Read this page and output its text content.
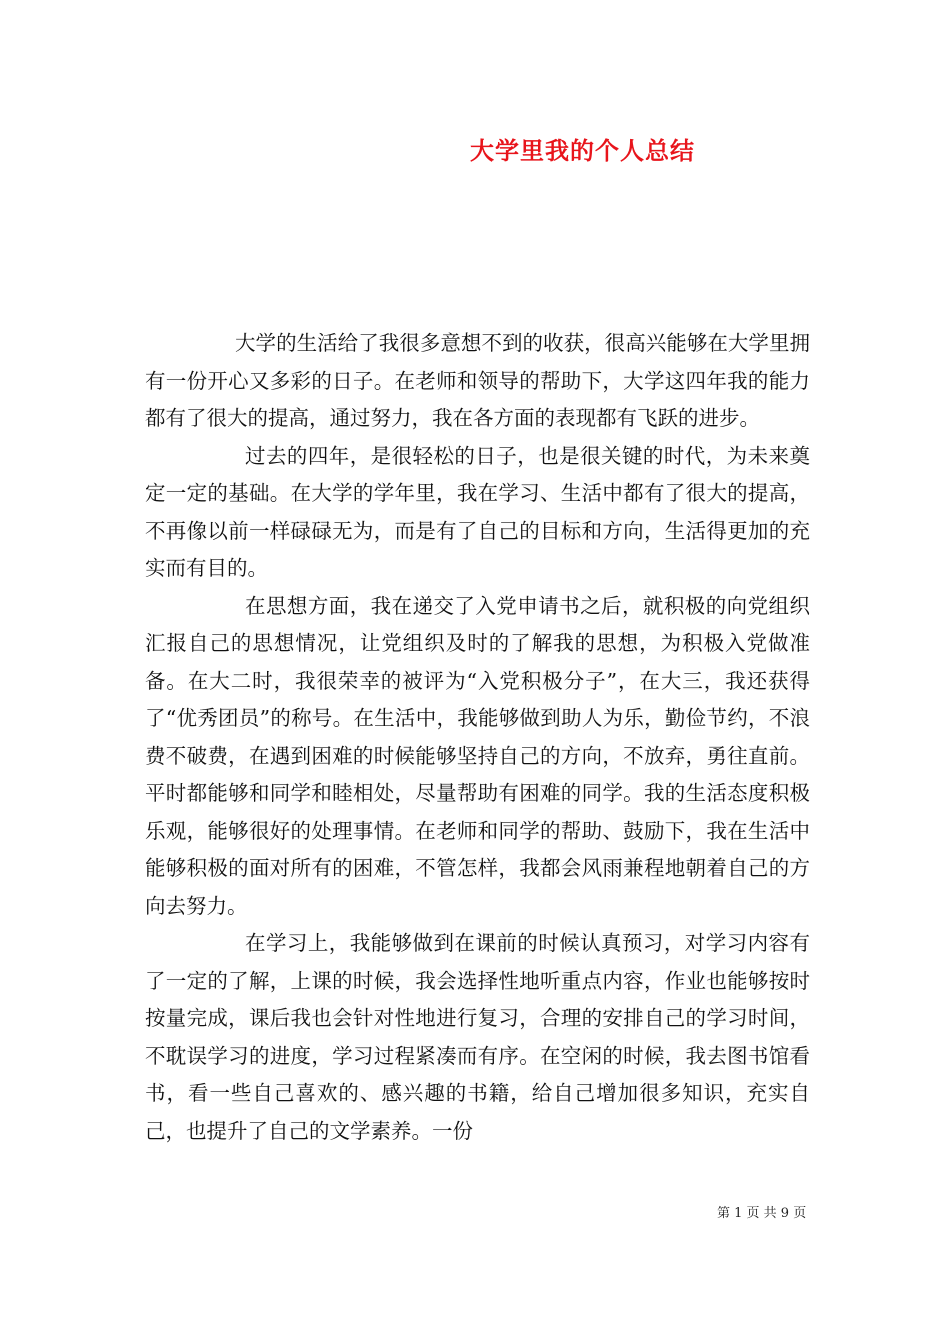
大学里我的个人总结

大学的生活给了我很多意想不到的收获，很高兴能够在大学里拥有一份开心又多彩的日子。在老师和领导的帮助下，大学这四年我的能力都有了很大的提高，通过努力，我在各方面的表现都有飞跃的进步。

过去的四年，是很轻松的日子，也是很关键的时代，为未来奠定一定的基础。在大学的学年里，我在学习、生活中都有了很大的提高，不再像以前一样碌碌无为，而是有了自己的目标和方向，生活得更加的充实而有目的。

在思想方面，我在递交了入党申请书之后，就积极的向党组织汇报自己的思想情况，让党组织及时的了解我的思想，为积极入党做准备。在大二时，我很荣幸的被评为“入党积极分子”，在大三，我还获得了“优秀团员”的称号。在生活中，我能够做到助人为乐，勤俭节约，不浪费不破费，在遇到困难的时候能够坚持自己的方向，不放弃，勇往直前。平时都能够和同学和睦相处，尽量帮助有困难的同学。我的生活态度积极乐观，能够很好的处理事情。在老师和同学的帮助、鼓励下，我在生活中能够积极的面对所有的困难，不管怎样，我都会风雨兼程地朝着自己的方向去努力。

在学习上，我能够做到在课前的时候认真预习，对学习内容有了一定的了解，上课的时候，我会选择性地听重点内容，作业也能够按时按量完成，课后我也会针对性地进行复习，合理的安排自己的学习时间，不耽误学习的进度，学习过程紧凑而有序。在空闲的时候，我去图书馆看书，看一些自己喜欢的、感兴趣的书籍，给自己增加很多知识，充实自己，也提升了自己的文学素养。一份

第 1 页 共 9 页
